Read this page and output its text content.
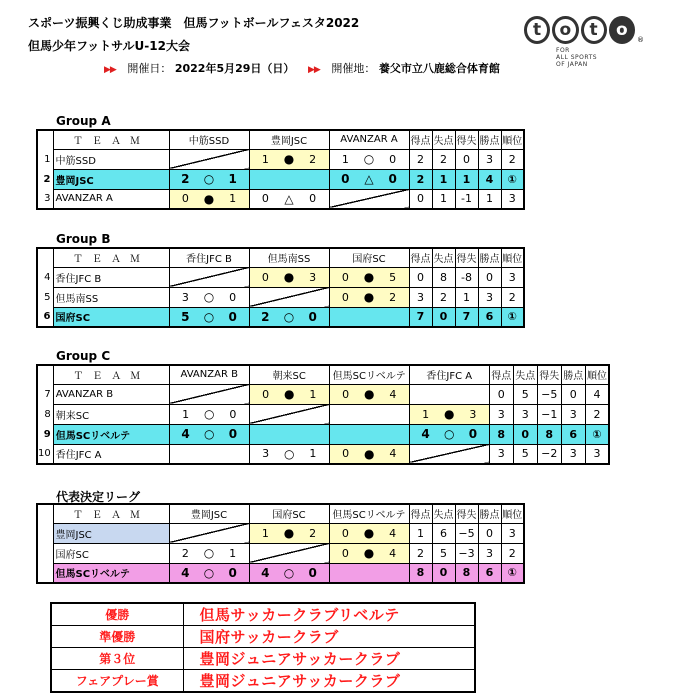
スポーツ振興くじ助成事業　但馬フットボールフェスタ2022
但馬少年フットサルU-12大会
▶▶ 開催日： 2022年5月29日（日） ▶▶ 開催地： 養父市立八鹿総合体育館
t	o	t	o
®
FOR
ALL SPORTS
OF JAPAN
Group A
	ＴＥＡＭ	中筋SSD	豊岡JSC	AVANZAR A	得点	失点	得失	勝点	順位
1	中筋SSD		1 ● 2	1 ○ 0	2	2	0	3	2
2	豊岡JSC	2 ○ 1		0 △ 0	2	1	1	4	①
3	AVANZAR A	0 ● 1	0 △ 0		0	1	-1	1	3
Group B
	ＴＥＡＭ	香住JFC B	但馬南SS	国府SC	得点	失点	得失	勝点	順位
4	香住JFC B		0 ● 3	0 ● 5	0	8	-8	0	3
5	但馬南SS	3 ○ 0		0 ● 2	3	2	1	3	2
6	国府SC	5 ○ 0	2 ○ 0		7	0	7	6	①
Group C
	ＴＥＡＭ	AVANZAR B	朝来SC	但馬SCリベルテ	香住JFC A	得点	失点	得失	勝点	順位
7	AVANZAR B		0 ● 1	0 ● 4		0	5	−5	0	4
8	朝来SC	1 ○ 0			1 ● 3	3	3	−1	3	2
9	但馬SCリベルテ	4 ○ 0			4 ○ 0	8	0	8	6	①
10	香住JFC A		3 ○ 1	0 ● 4		3	5	−2	3	3
代表決定リーグ
	ＴＥＡＭ	豊岡JSC	国府SC	但馬SCリベルテ	得点	失点	得失	勝点	順位
	豊岡JSC		1 ● 2	0 ● 4	1	6	−5	0	3
	国府SC	2 ○ 1		0 ● 4	2	5	−3	3	2
	但馬SCリベルテ	4 ○ 0	4 ○ 0		8	0	8	6	①
優勝	但馬サッカークラブリベルテ
準優勝	国府サッカークラブ
第３位	豊岡ジュニアサッカークラブ
フェアプレー賞	豊岡ジュニアサッカークラブ
